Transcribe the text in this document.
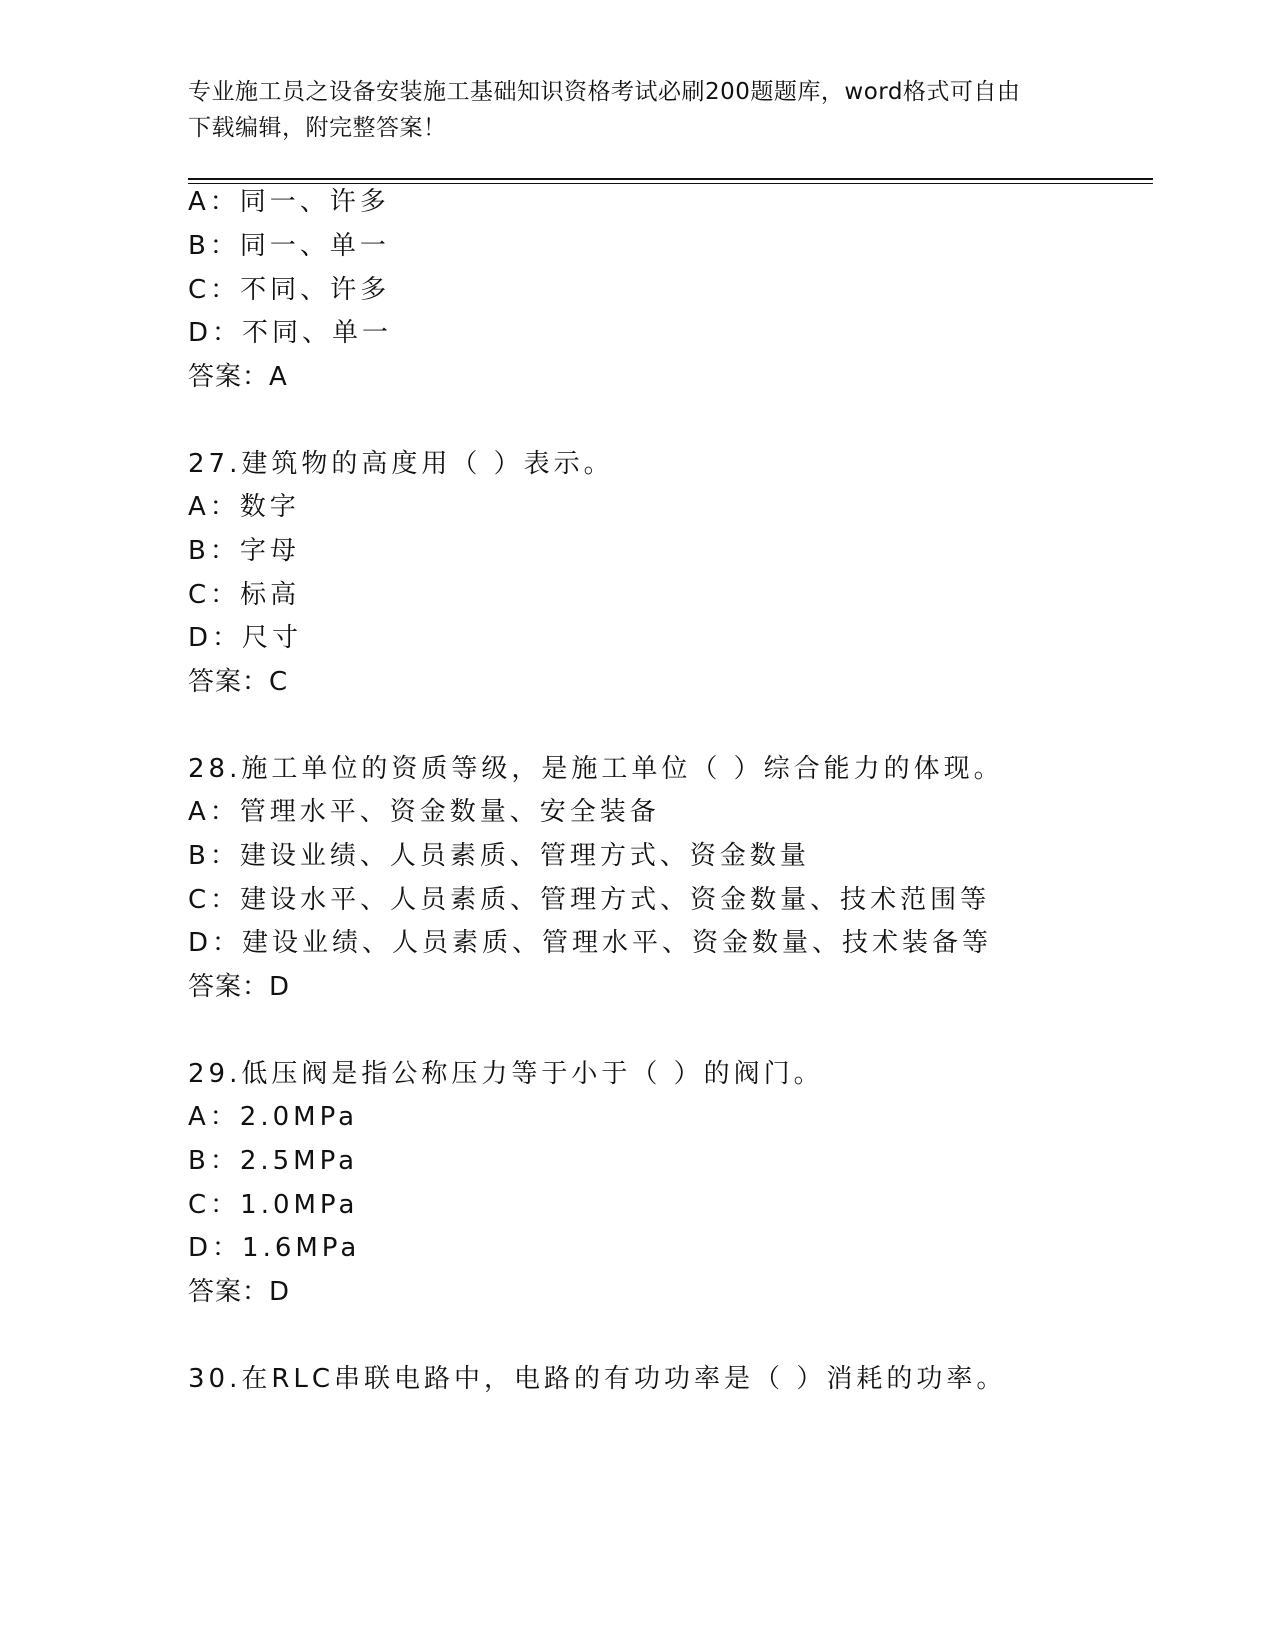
专业施工员之设备安装施工基础知识资格考试必刷200题题库，word格式可自由
下载编辑，附完整答案！
A：同一、许多
B：同一、单一
C：不同、许多
D：不同、单一
答案：A
27.建筑物的高度用（ ）表示。
A：数字
B：字母
C：标高
D：尺寸
答案：C
28.施工单位的资质等级，是施工单位（ ）综合能力的体现。
A：管理水平、资金数量、安全装备
B：建设业绩、人员素质、管理方式、资金数量
C：建设水平、人员素质、管理方式、资金数量、技术范围等
D：建设业绩、人员素质、管理水平、资金数量、技术装备等
答案：D
29.低压阀是指公称压力等于小于（ ）的阀门。
A：2.0MPa
B：2.5MPa
C：1.0MPa
D：1.6MPa
答案：D
30.在RLC串联电路中，电路的有功功率是（ ）消耗的功率。
